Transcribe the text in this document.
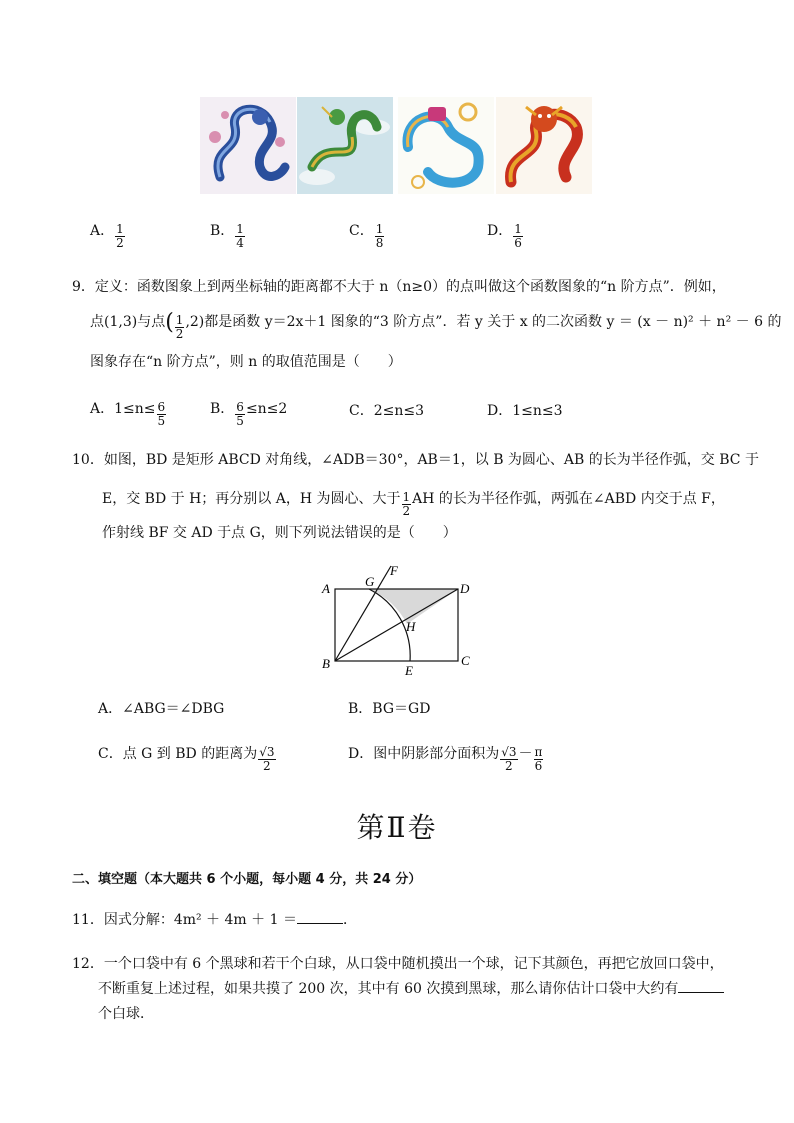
A． $\frac{1}{2}$	B． $\frac{1}{4}$	C． $\frac{1}{8}$	D． $\frac{1}{6}$
9．定义：函数图象上到两坐标轴的距离都不大于 n（n≥0）的点叫做这个函数图象的“n 阶方点”．例如，
点(1,3)与点( $\frac{1}{2} ,2$)都是函数 y＝2x＋1 图象的“3 阶方点”．若 y 关于 x 的二次函数 y ＝ (x － n)² ＋ n² － 6 的
图象存在“n 阶方点”，则 n 的取值范围是（　　）
A．$1\le n\le \frac{6}{5}$	B． $\frac{6}{5} \le n\le 2$	C．2≤n≤3	D．1≤n≤3
10．如图，BD 是矩形 ABCD 对角线，∠ADB＝30°，AB＝1，以 B 为圆心、AB 的长为半径作弧，交 BC 于
E，交 BD 于 H；再分别以 A，H 为圆心、大于 $\frac{1}{2}$ AH 的长为半径作弧，两弧在∠ABD 内交于点 F，
作射线 BF 交 AD 于点 G，则下列说法错误的是（　　）
A
B	C
D
E
F
G
H
A．∠ABG＝∠DBG	B．BG＝GD
C．点 G 到 BD 的距离为 $\frac{√3}{2}$	D．图中阴影部分面积为 $\frac{√3}{2} - \frac{\pi}{6}$
第Ⅱ卷
二、填空题（本大题共 6 个小题，每小题 4 分，共 24 分）
11．因式分解：4m² ＋ 4m ＋ 1 ＝	．
12．一个口袋中有 6 个黑球和若干个白球，从口袋中随机摸出一个球，记下其颜色，再把它放回口袋中，
不断重复上述过程，如果共摸了 200 次，其中有 60 次摸到黑球，那么请你估计口袋中大约有
个白球．
